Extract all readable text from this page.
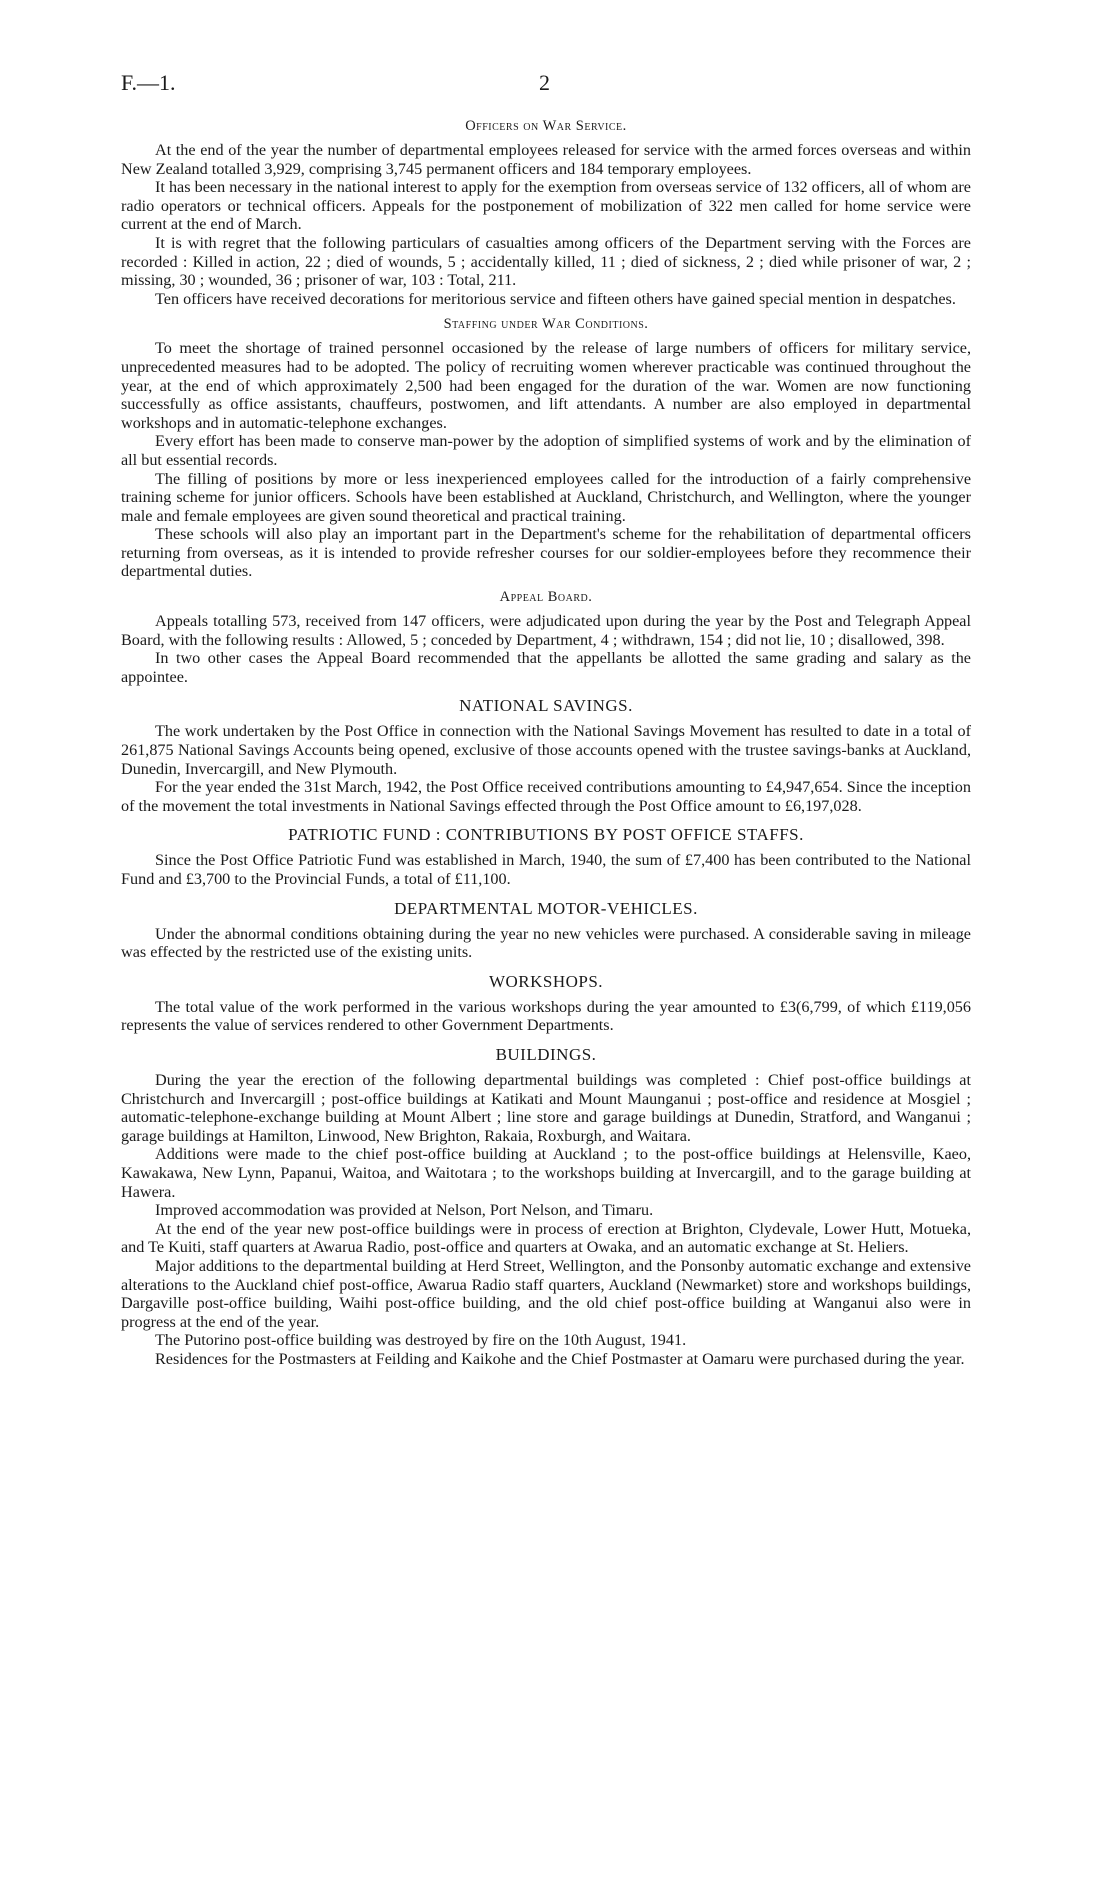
F.—1.	2
Officers on War Service.

At the end of the year the number of departmental employees released for service with the armed forces overseas and within New Zealand totalled 3,929, comprising 3,745 permanent officers and 184 temporary employees.

It has been necessary in the national interest to apply for the exemption from overseas service of 132 officers, all of whom are radio operators or technical officers. Appeals for the postponement of mobilization of 322 men called for home service were current at the end of March.

It is with regret that the following particulars of casualties among officers of the Department serving with the Forces are recorded : Killed in action, 22 ; died of wounds, 5 ; accidentally killed, 11 ; died of sickness, 2 ; died while prisoner of war, 2 ; missing, 30 ; wounded, 36 ; prisoner of war, 103 : Total, 211.

Ten officers have received decorations for meritorious service and fifteen others have gained special mention in despatches.

Staffing under War Conditions.

To meet the shortage of trained personnel occasioned by the release of large numbers of officers for military service, unprecedented measures had to be adopted. The policy of recruiting women wherever practicable was continued throughout the year, at the end of which approximately 2,500 had been engaged for the duration of the war. Women are now functioning successfully as office assistants, chauffeurs, postwomen, and lift attendants. A number are also employed in departmental workshops and in automatic-telephone exchanges.

Every effort has been made to conserve man-power by the adoption of simplified systems of work and by the elimination of all but essential records.

The filling of positions by more or less inexperienced employees called for the introduction of a fairly comprehensive training scheme for junior officers. Schools have been established at Auckland, Christchurch, and Wellington, where the younger male and female employees are given sound theoretical and practical training.

These schools will also play an important part in the Department's scheme for the rehabilitation of departmental officers returning from overseas, as it is intended to provide refresher courses for our soldier-employees before they recommence their departmental duties.

Appeal Board.

Appeals totalling 573, received from 147 officers, were adjudicated upon during the year by the Post and Telegraph Appeal Board, with the following results : Allowed, 5 ; conceded by Department, 4 ; withdrawn, 154 ; did not lie, 10 ; disallowed, 398.

In two other cases the Appeal Board recommended that the appellants be allotted the same grading and salary as the appointee.

NATIONAL SAVINGS.

The work undertaken by the Post Office in connection with the National Savings Movement has resulted to date in a total of 261,875 National Savings Accounts being opened, exclusive of those accounts opened with the trustee savings-banks at Auckland, Dunedin, Invercargill, and New Plymouth.

For the year ended the 31st March, 1942, the Post Office received contributions amounting to £4,947,654. Since the inception of the movement the total investments in National Savings effected through the Post Office amount to £6,197,028.

PATRIOTIC FUND : CONTRIBUTIONS BY POST OFFICE STAFFS.

Since the Post Office Patriotic Fund was established in March, 1940, the sum of £7,400 has been contributed to the National Fund and £3,700 to the Provincial Funds, a total of £11,100.

DEPARTMENTAL MOTOR-VEHICLES.

Under the abnormal conditions obtaining during the year no new vehicles were purchased. A considerable saving in mileage was effected by the restricted use of the existing units.

WORKSHOPS.

The total value of the work performed in the various workshops during the year amounted to £3(6,799, of which £119,056 represents the value of services rendered to other Government Departments.

BUILDINGS.

During the year the erection of the following departmental buildings was completed : Chief post-office buildings at Christchurch and Invercargill ; post-office buildings at Katikati and Mount Maunganui ; post-office and residence at Mosgiel ; automatic-telephone-exchange building at Mount Albert ; line store and garage buildings at Dunedin, Stratford, and Wanganui ; garage buildings at Hamilton, Linwood, New Brighton, Rakaia, Roxburgh, and Waitara.

Additions were made to the chief post-office building at Auckland ; to the post-office buildings at Helensville, Kaeo, Kawakawa, New Lynn, Papanui, Waitoa, and Waitotara ; to the workshops building at Invercargill, and to the garage building at Hawera.

Improved accommodation was provided at Nelson, Port Nelson, and Timaru.

At the end of the year new post-office buildings were in process of erection at Brighton, Clydevale, Lower Hutt, Motueka, and Te Kuiti, staff quarters at Awarua Radio, post-office and quarters at Owaka, and an automatic exchange at St. Heliers.

Major additions to the departmental building at Herd Street, Wellington, and the Ponsonby automatic exchange and extensive alterations to the Auckland chief post-office, Awarua Radio staff quarters, Auckland (Newmarket) store and workshops buildings, Dargaville post-office building, Waihi post-office building, and the old chief post-office building at Wanganui also were in progress at the end of the year.

The Putorino post-office building was destroyed by fire on the 10th August, 1941.

Residences for the Postmasters at Feilding and Kaikohe and the Chief Postmaster at Oamaru were purchased during the year.
